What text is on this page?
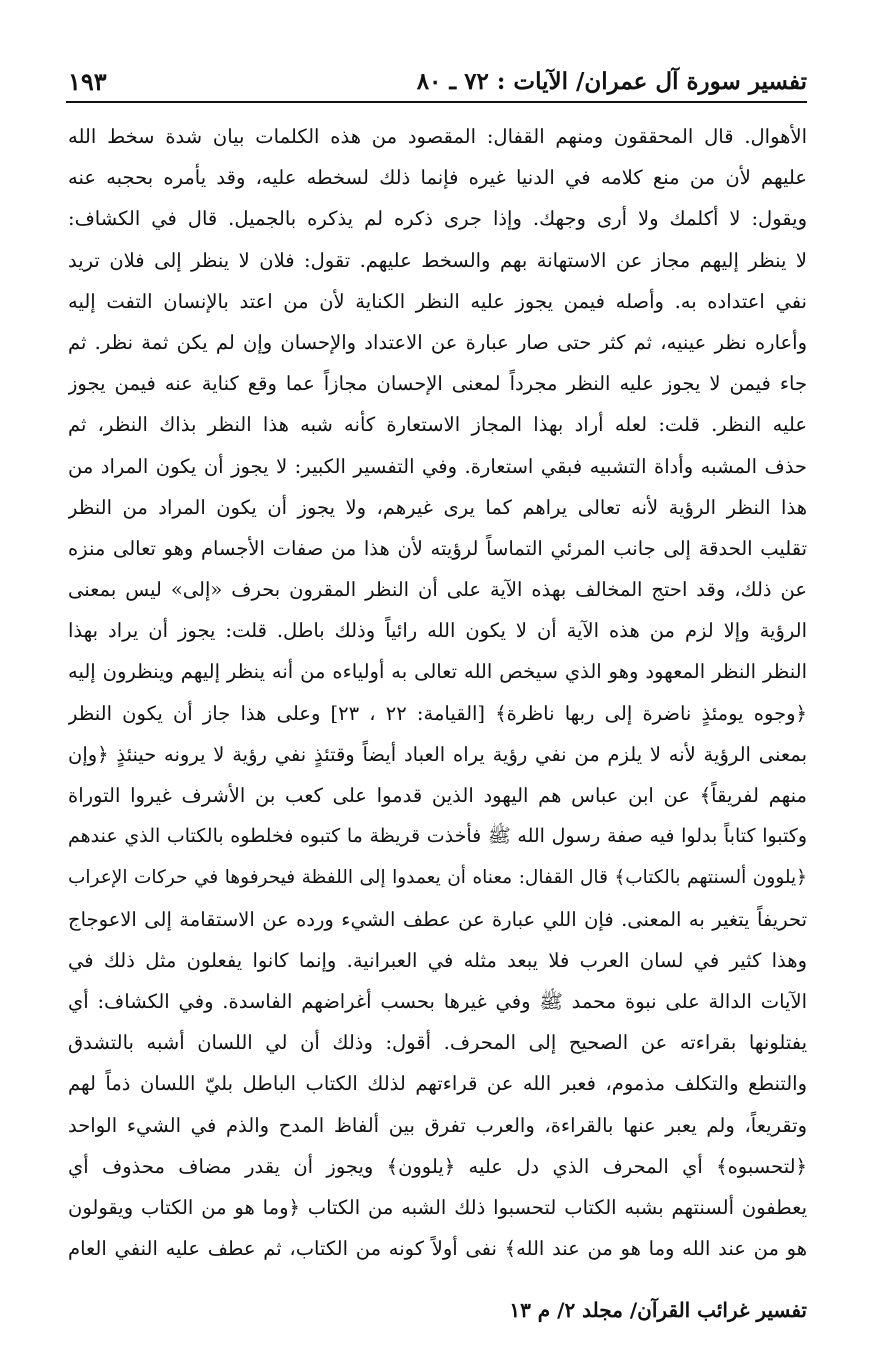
تفسير سورة آل عمران/ الآيات : ٧٢ ـ ٨٠
١٩٣
الأهوال. قال المحققون ومنهم القفال: المقصود من هذه الكلمات بيان شدة سخط الله
عليهم لأن من منع كلامه في الدنيا غيره فإنما ذلك لسخطه عليه، وقد يأمره بحجبه عنه
ويقول: لا أكلمك ولا أرى وجهك. وإذا جرى ذكره لم يذكره بالجميل. قال في الكشاف:
لا ينظر إليهم مجاز عن الاستهانة بهم والسخط عليهم. تقول: فلان لا ينظر إلى فلان تريد
نفي اعتداده به. وأصله فيمن يجوز عليه النظر الكناية لأن من اعتد بالإنسان التفت إليه
وأعاره نظر عينيه، ثم كثر حتى صار عبارة عن الاعتداد والإحسان وإن لم يكن ثمة نظر. ثم
جاء فيمن لا يجوز عليه النظر مجرداً لمعنى الإحسان مجازاً عما وقع كناية عنه فيمن يجوز
عليه النظر. قلت: لعله أراد بهذا المجاز الاستعارة كأنه شبه هذا النظر بذاك النظر، ثم
حذف المشبه وأداة التشبيه فبقي استعارة. وفي التفسير الكبير: لا يجوز أن يكون المراد من
هذا النظر الرؤية لأنه تعالى يراهم كما يرى غيرهم، ولا يجوز أن يكون المراد من النظر
تقليب الحدقة إلى جانب المرئي التماساً لرؤيته لأن هذا من صفات الأجسام وهو تعالى منزه
عن ذلك، وقد احتج المخالف بهذه الآية على أن النظر المقرون بحرف «إلى» ليس بمعنى
الرؤية وإلا لزم من هذه الآية أن لا يكون الله رائياً وذلك باطل. قلت: يجوز أن يراد بهذا
النظر النظر المعهود وهو الذي سيخص الله تعالى به أولياءه من أنه ينظر إليهم وينظرون إليه
﴿وجوه يومئذٍ ناضرة إلى ربها ناظرة﴾ [القيامة: ٢٢ ، ٢٣] وعلى هذا جاز أن يكون النظر
بمعنى الرؤية لأنه لا يلزم من نفي رؤية يراه العباد أيضاً وقتئذٍ نفي رؤية لا يرونه حينئذٍ ﴿وإن
منهم لفريقاً﴾ عن ابن عباس هم اليهود الذين قدموا على كعب بن الأشرف غيروا التوراة
وكتبوا كتاباً بدلوا فيه صفة رسول الله ﷺ فأخذت قريظة ما كتبوه فخلطوه بالكتاب الذي عندهم
﴿يلوون ألسنتهم بالكتاب﴾ قال القفال: معناه أن يعمدوا إلى اللفظة فيحرفوها في حركات الإعراب
تحريفاً يتغير به المعنى. فإن اللي عبارة عن عطف الشيء ورده عن الاستقامة إلى الاعوجاج
وهذا كثير في لسان العرب فلا يبعد مثله في العبرانية. وإنما كانوا يفعلون مثل ذلك في
الآيات الدالة على نبوة محمد ﷺ وفي غيرها بحسب أغراضهم الفاسدة. وفي الكشاف: أي
يفتلونها بقراءته عن الصحيح إلى المحرف. أقول: وذلك أن لي اللسان أشبه بالتشدق
والتنطع والتكلف مذموم، فعبر الله عن قراءتهم لذلك الكتاب الباطل بليّ اللسان ذماً لهم
وتقريعاً، ولم يعبر عنها بالقراءة، والعرب تفرق بين ألفاظ المدح والذم في الشيء الواحد
﴿لتحسبوه﴾ أي المحرف الذي دل عليه ﴿يلوون﴾ ويجوز أن يقدر مضاف محذوف أي
يعطفون ألسنتهم بشبه الكتاب لتحسبوا ذلك الشبه من الكتاب ﴿وما هو من الكتاب ويقولون
هو من عند الله وما هو من عند الله﴾ نفى أولاً كونه من الكتاب، ثم عطف عليه النفي العام
تفسير غرائب القرآن/ مجلد ٢/ م ١٣
